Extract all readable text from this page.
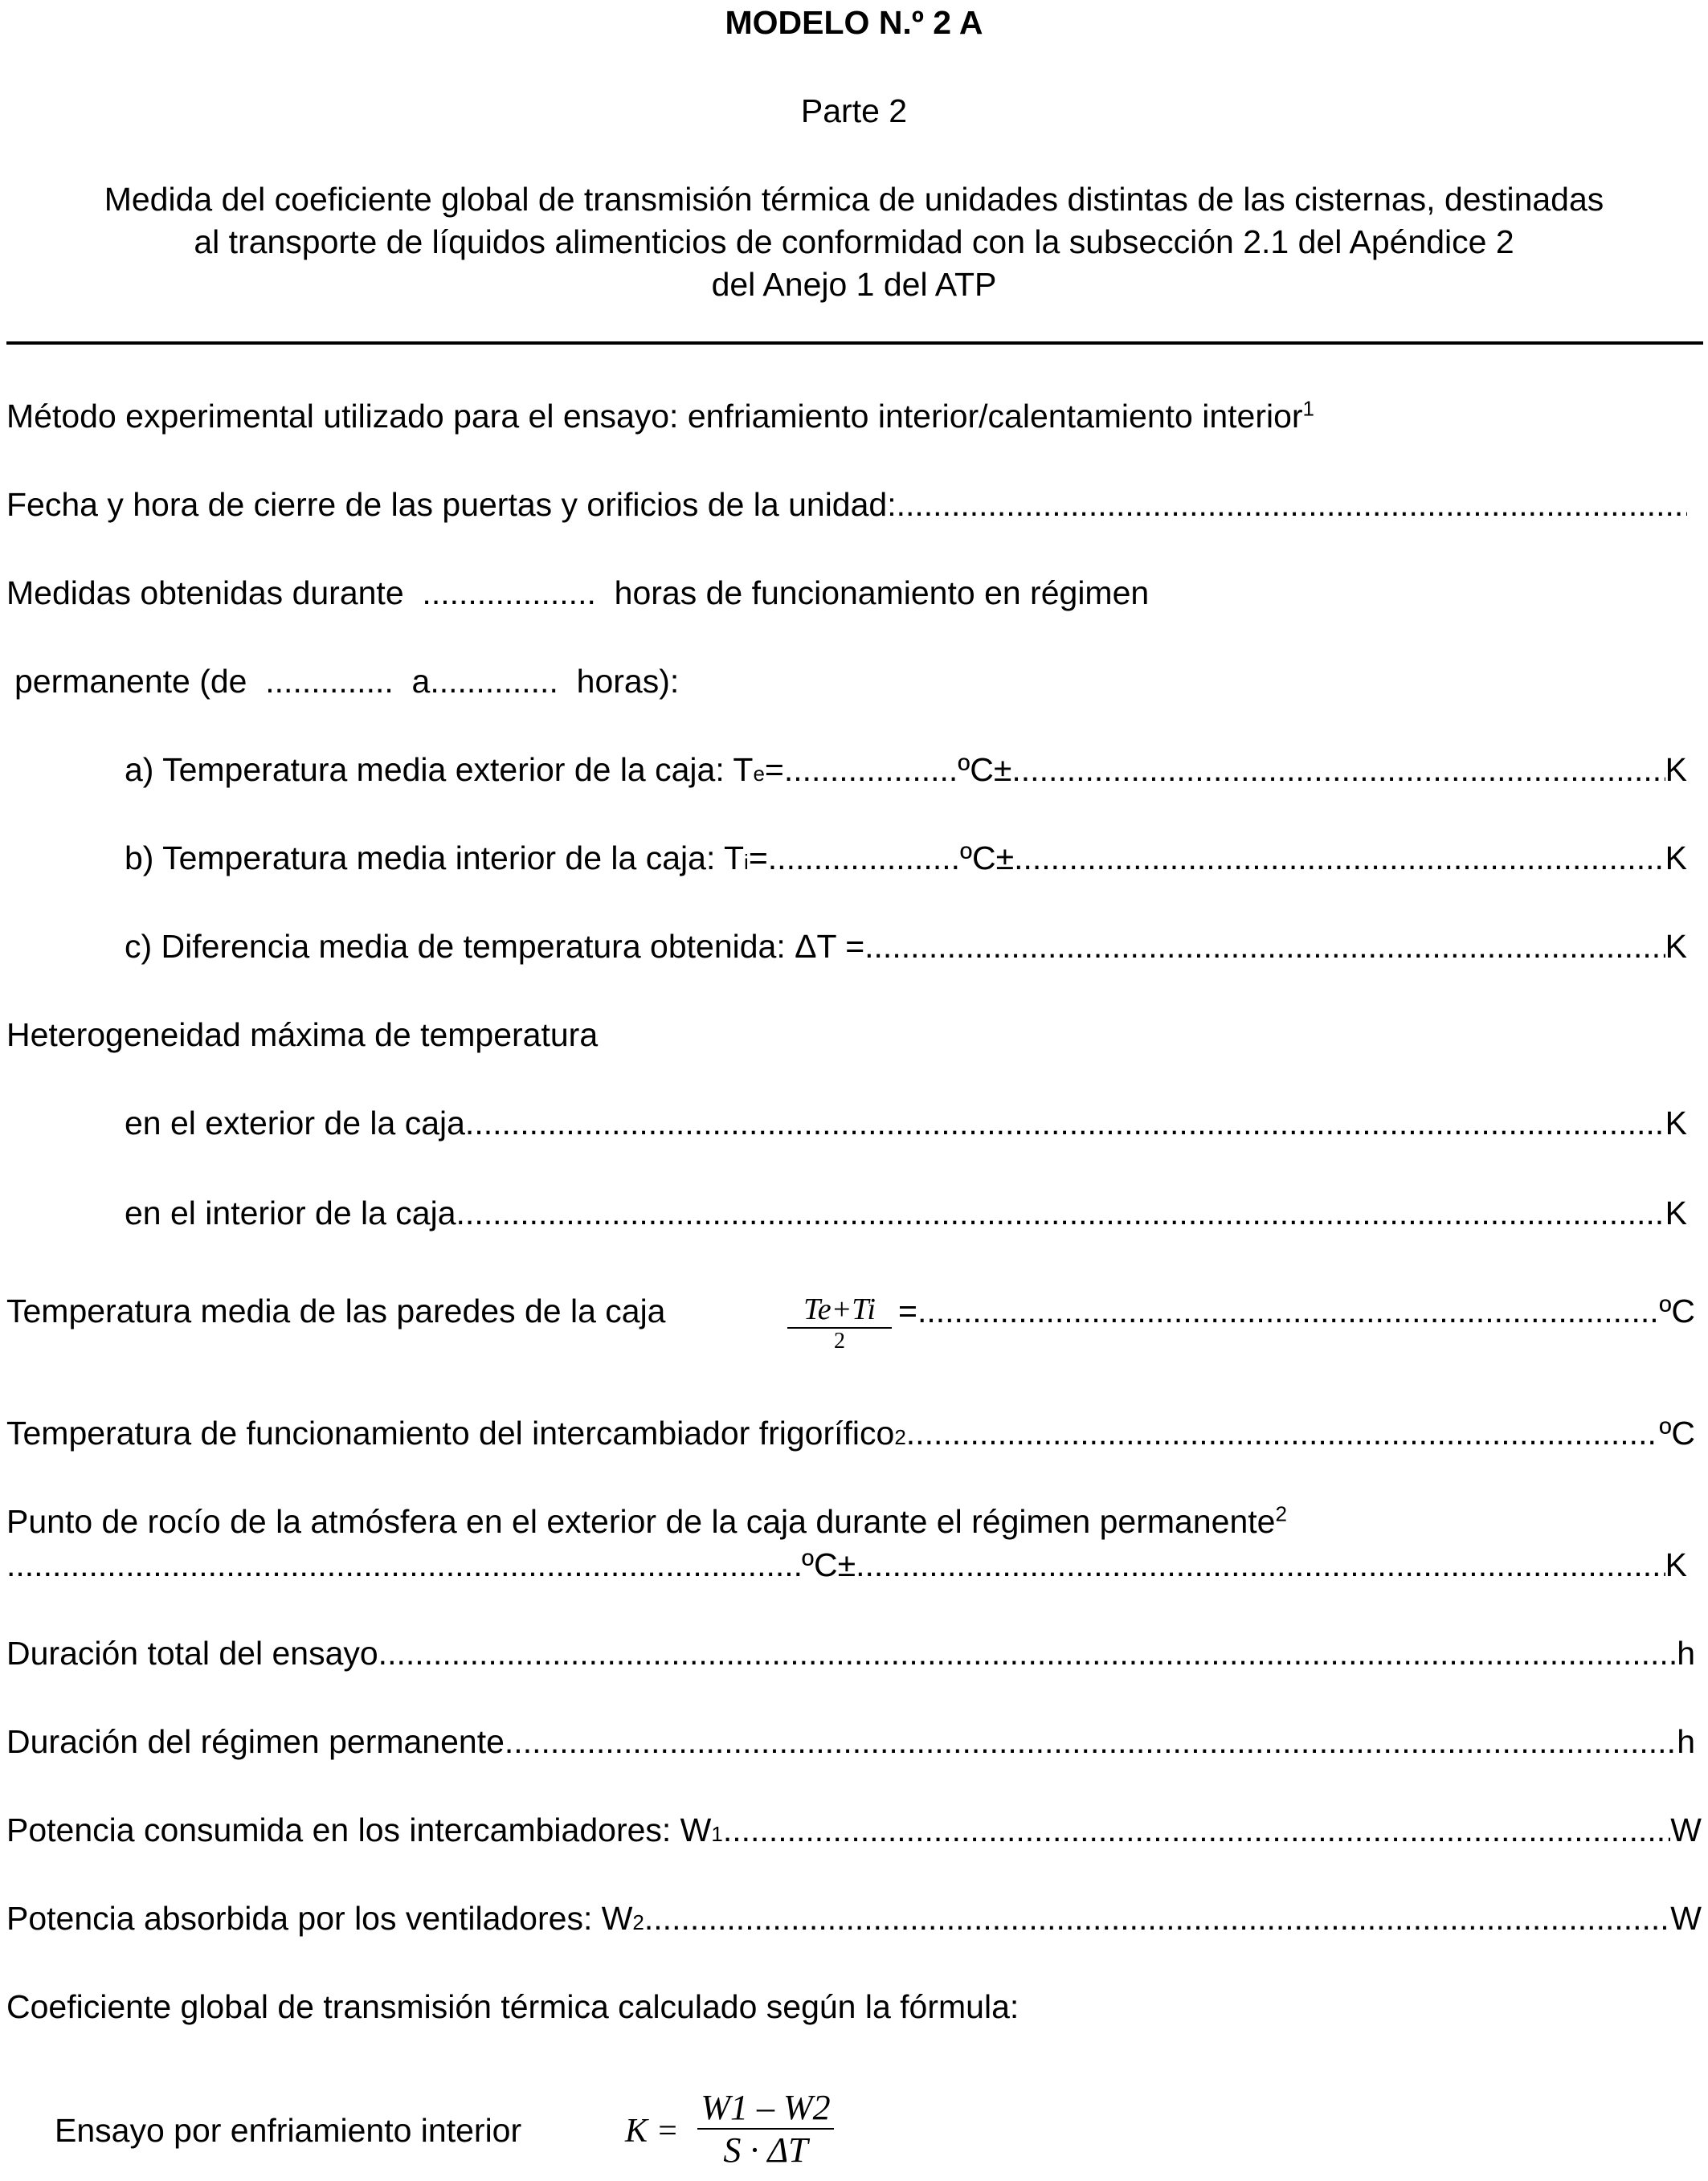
MODELO N.º 2 A
Parte 2
Medida del coeficiente global de transmisión térmica de unidades distintas de las cisternas, destinadas
al transporte de líquidos alimenticios de conformidad con la subsección 2.1 del Apéndice 2
del Anejo 1 del ATP
Método experimental utilizado para el ensayo: enfriamiento interior/calentamiento interior$^1$
Fecha y hora de cierre de las puertas y orificios de la unidad:
.....
Medidas obtenidas durante ................... horas de funcionamiento en régimen
permanente (de .............. a.............. horas):
a) Temperatura media exterior de la caja: T e = ................... ºC± .....	K
b) Temperatura media interior de la caja: T i = ..................... ºC± .....	K
c) Diferencia media de temperatura obtenida: ΔT = .....	K
Heterogeneidad máxima de temperatura
en el exterior de la caja .....	K
en el interior de la caja .....	K
Temperatura media de las paredes de la caja	Te+Ti
2
= .....	ºC
Temperatura de funcionamiento del intercambiador frigorífico 2 .....	ºC
Punto de rocío de la atmósfera en el exterior de la caja durante el régimen permanente$^2$
.....
ºC± .....	K
Duración total del ensayo .....	h
Duración del régimen permanente .....	h
Potencia consumida en los intercambiadores: W 1 .....	W
Potencia absorbida por los ventiladores: W 2 .....	W
Coeficiente global de transmisión térmica calculado según la fórmula:
Ensayo por enfriamiento interior	$K = \frac{W1 - W2}{S \cdot \Delta T}$
